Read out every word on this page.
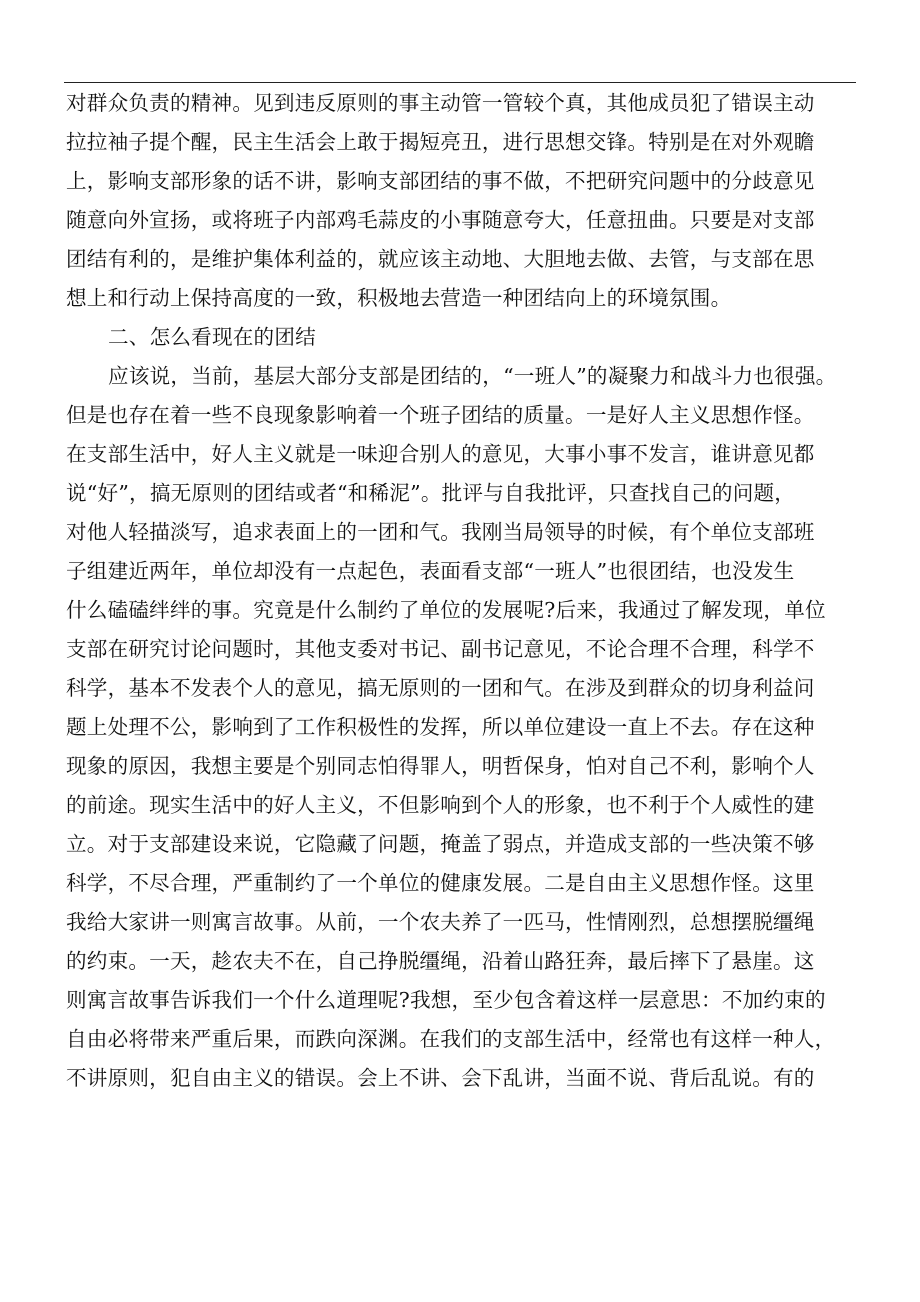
对群众负责的精神。见到违反原则的事主动管一管较个真，其他成员犯了错误主动
拉拉袖子提个醒，民主生活会上敢于揭短亮丑，进行思想交锋。特别是在对外观瞻
上，影响支部形象的话不讲，影响支部团结的事不做，不把研究问题中的分歧意见
随意向外宣扬，或将班子内部鸡毛蒜皮的小事随意夸大，任意扭曲。只要是对支部
团结有利的，是维护集体利益的，就应该主动地、大胆地去做、去管，与支部在思
想上和行动上保持高度的一致，积极地去营造一种团结向上的环境氛围。
二、怎么看现在的团结
应该说，当前，基层大部分支部是团结的，“一班人”的凝聚力和战斗力也很强。
但是也存在着一些不良现象影响着一个班子团结的质量。一是好人主义思想作怪。
在支部生活中，好人主义就是一味迎合别人的意见，大事小事不发言，谁讲意见都
说“好”，搞无原则的团结或者“和稀泥”。批评与自我批评，只查找自己的问题，
对他人轻描淡写，追求表面上的一团和气。我刚当局领导的时候，有个单位支部班
子组建近两年，单位却没有一点起色，表面看支部“一班人”也很团结，也没发生
什么磕磕绊绊的事。究竟是什么制约了单位的发展呢?后来，我通过了解发现，单位
支部在研究讨论问题时，其他支委对书记、副书记意见，不论合理不合理，科学不
科学，基本不发表个人的意见，搞无原则的一团和气。在涉及到群众的切身利益问
题上处理不公，影响到了工作积极性的发挥，所以单位建设一直上不去。存在这种
现象的原因，我想主要是个别同志怕得罪人，明哲保身，怕对自己不利，影响个人
的前途。现实生活中的好人主义，不但影响到个人的形象，也不利于个人威性的建
立。对于支部建设来说，它隐藏了问题，掩盖了弱点，并造成支部的一些决策不够
科学，不尽合理，严重制约了一个单位的健康发展。二是自由主义思想作怪。这里
我给大家讲一则寓言故事。从前，一个农夫养了一匹马，性情刚烈，总想摆脱缰绳
的约束。一天，趁农夫不在，自己挣脱缰绳，沿着山路狂奔，最后摔下了悬崖。这
则寓言故事告诉我们一个什么道理呢?我想，至少包含着这样一层意思：不加约束的
自由必将带来严重后果，而跌向深渊。在我们的支部生活中，经常也有这样一种人，
不讲原则，犯自由主义的错误。会上不讲、会下乱讲，当面不说、背后乱说。有的
